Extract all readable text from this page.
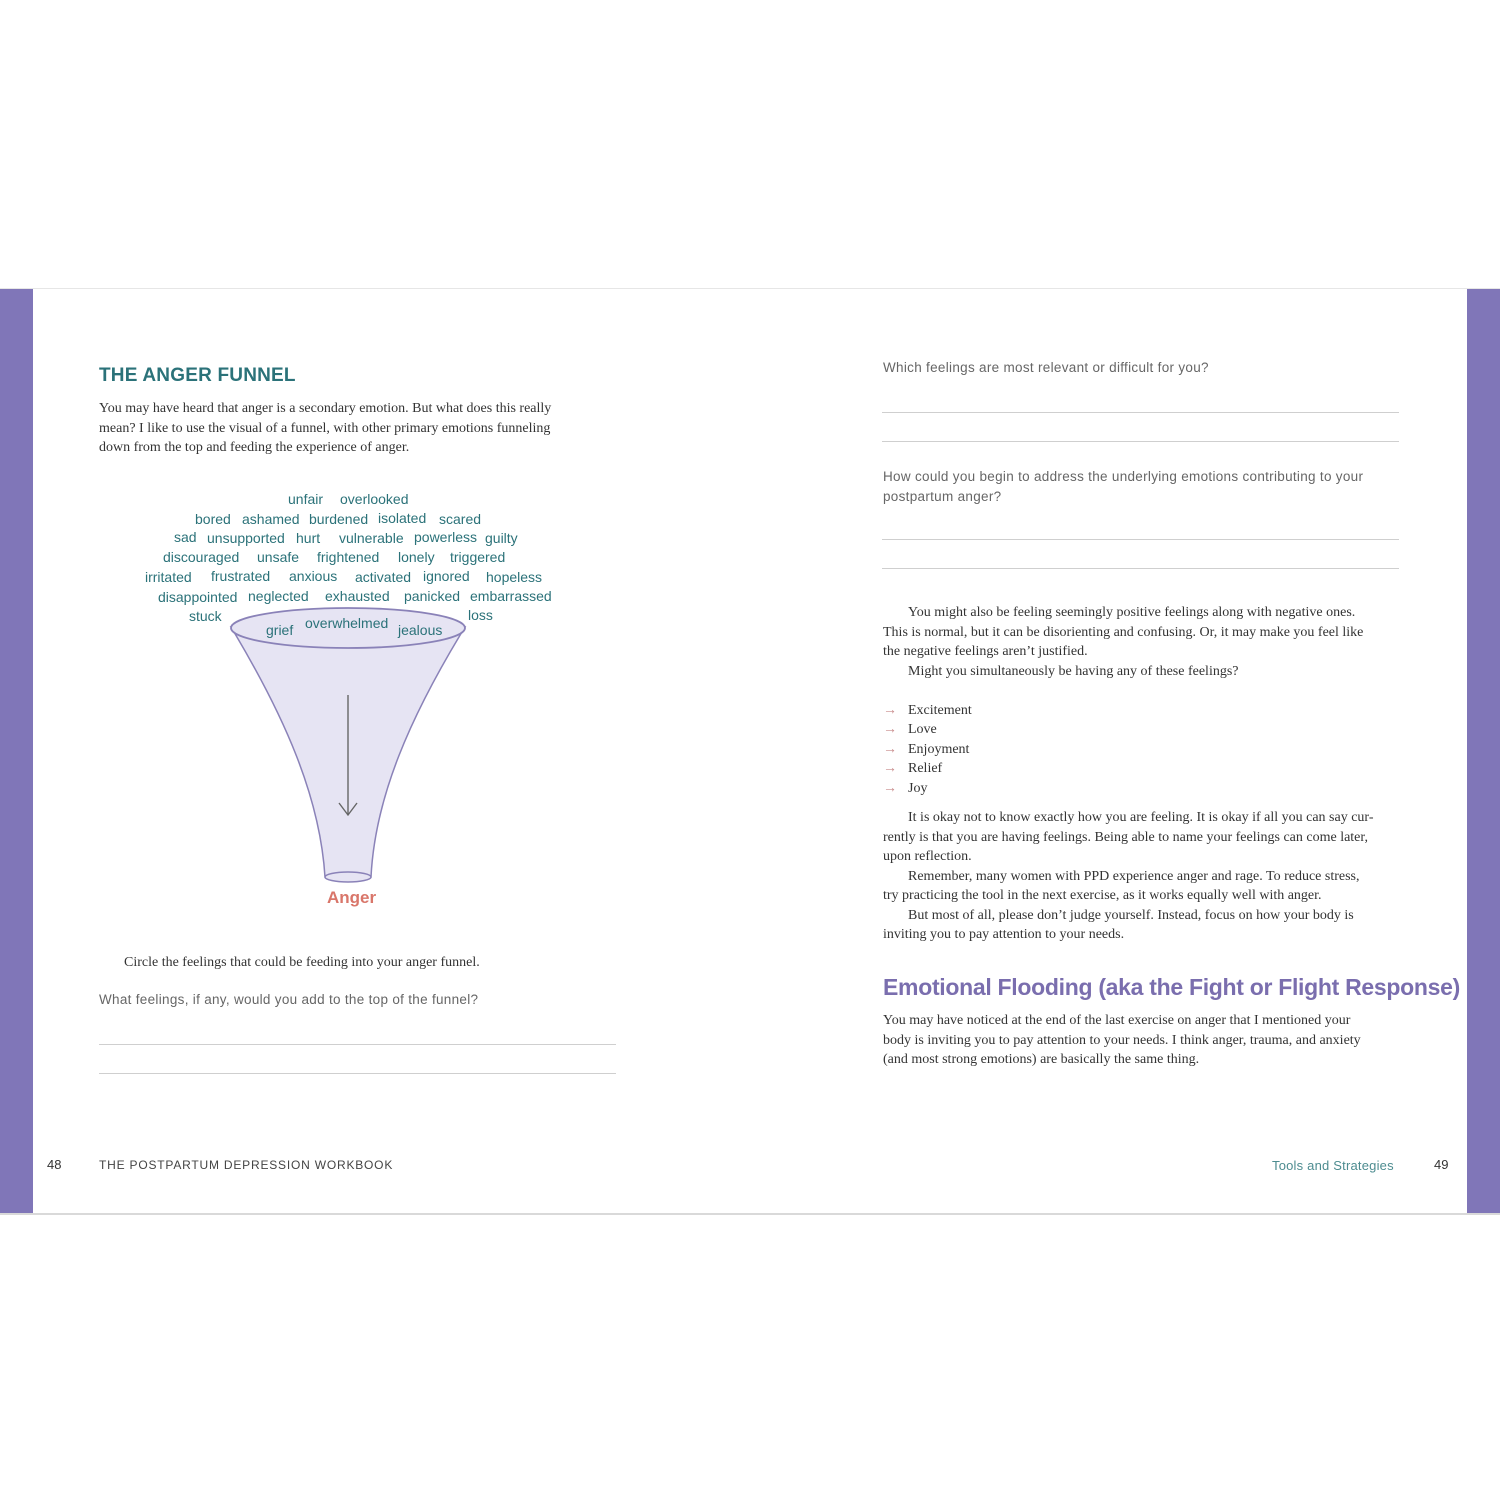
THE ANGER FUNNEL
You may have heard that anger is a secondary emotion. But what does this really
mean? I like to use the visual of a funnel, with other primary emotions funneling
down from the top and feeding the experience of anger.
unfair overlooked
bored ashamed burdened isolated scared
sad unsupported hurt vulnerable powerless guilty
discouraged unsafe frightened lonely triggered
irritated frustrated anxious activated ignored hopeless
disappointed neglected exhausted panicked embarrassed
stuck	loss
grief overwhelmed jealous
Anger

Circle the feelings that could be feeding into your anger funnel.

What feelings, if any, would you add to the top of the funnel?

48	THE POSTPARTUM DEPRESSION WORKBOOK

Which feelings are most relevant or difficult for you?

How could you begin to address the underlying emotions contributing to your
postpartum anger?
You might also be feeling seemingly positive feelings along with negative ones.
This is normal, but it can be disorienting and confusing. Or, it may make you feel like
the negative feelings aren’t justified.
Might you simultaneously be having any of these feelings?
→ Excitement
→ Love
→ Enjoyment
→ Relief
→ Joy
It is okay not to know exactly how you are feeling. It is okay if all you can say cur-
rently is that you are having feelings. Being able to name your feelings can come later,
upon reflection.
Remember, many women with PPD experience anger and rage. To reduce stress,
try practicing the tool in the next exercise, as it works equally well with anger.
But most of all, please don’t judge yourself. Instead, focus on how your body is
inviting you to pay attention to your needs.
Emotional Flooding (aka the Fight or Flight Response)
You may have noticed at the end of the last exercise on anger that I mentioned your
body is inviting you to pay attention to your needs. I think anger, trauma, and anxiety
(and most strong emotions) are basically the same thing.
Tools and Strategies	49
